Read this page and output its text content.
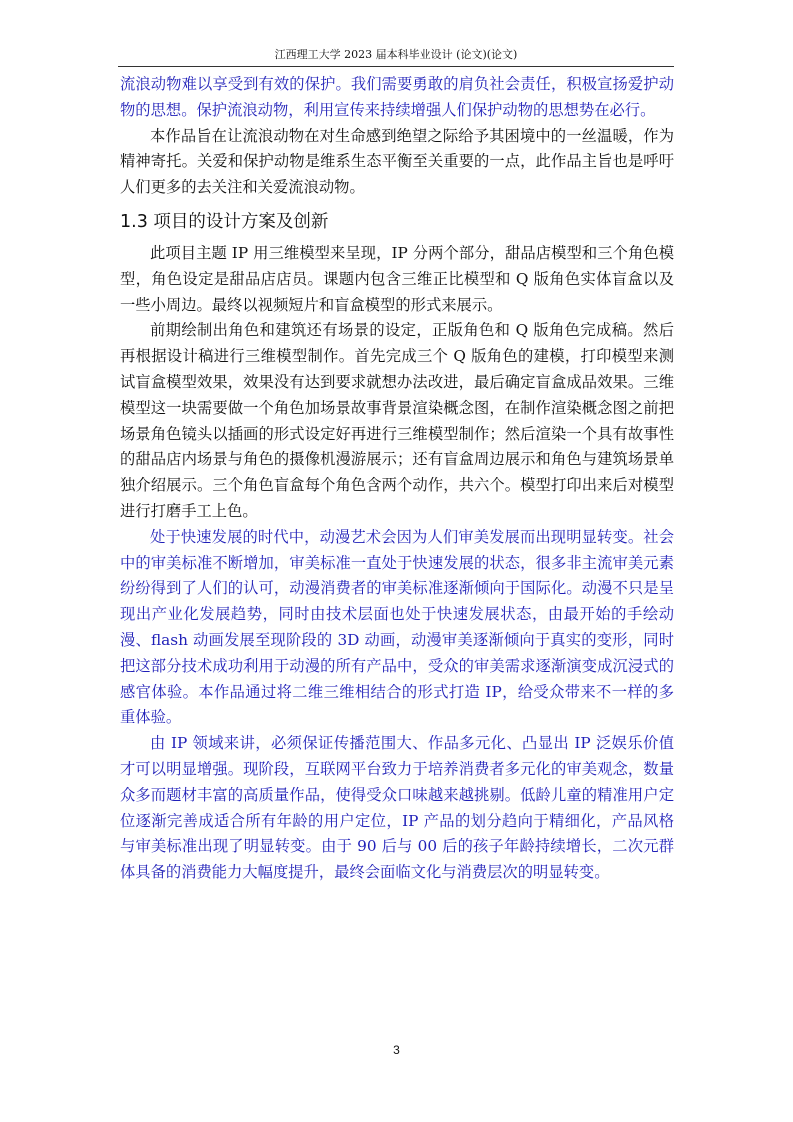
江西理工大学 2023 届本科毕业设计 (论文)(论文)

流浪动物难以享受到有效的保护。我们需要勇敢的肩负社会责任，积极宣扬爱护动物的思想。保护流浪动物，利用宣传来持续增强人们保护动物的思想势在必行。

本作品旨在让流浪动物在对生命感到绝望之际给予其困境中的一丝温暖，作为精神寄托。关爱和保护动物是维系生态平衡至关重要的一点，此作品主旨也是呼吁人们更多的去关注和关爱流浪动物。

1.3 项目的设计方案及创新

此项目主题 IP 用三维模型来呈现，IP 分两个部分，甜品店模型和三个角色模型，角色设定是甜品店店员。课题内包含三维正比模型和 Q 版角色实体盲盒以及一些小周边。最终以视频短片和盲盒模型的形式来展示。

前期绘制出角色和建筑还有场景的设定，正版角色和 Q 版角色完成稿。然后再根据设计稿进行三维模型制作。首先完成三个 Q 版角色的建模，打印模型来测试盲盒模型效果，效果没有达到要求就想办法改进，最后确定盲盒成品效果。三维模型这一块需要做一个角色加场景故事背景渲染概念图，在制作渲染概念图之前把场景角色镜头以插画的形式设定好再进行三维模型制作；然后渲染一个具有故事性的甜品店内场景与角色的摄像机漫游展示；还有盲盒周边展示和角色与建筑场景单独介绍展示。三个角色盲盒每个角色含两个动作，共六个。模型打印出来后对模型进行打磨手工上色。

处于快速发展的时代中，动漫艺术会因为人们审美发展而出现明显转变。社会中的审美标准不断增加，审美标准一直处于快速发展的状态，很多非主流审美元素纷纷得到了人们的认可，动漫消费者的审美标准逐渐倾向于国际化。动漫不只是呈现出产业化发展趋势，同时由技术层面也处于快速发展状态，由最开始的手绘动漫、flash 动画发展至现阶段的 3D 动画，动漫审美逐渐倾向于真实的变形，同时把这部分技术成功利用于动漫的所有产品中，受众的审美需求逐渐演变成沉浸式的感官体验。本作品通过将二维三维相结合的形式打造 IP，给受众带来不一样的多重体验。

由 IP 领域来讲，必须保证传播范围大、作品多元化、凸显出 IP 泛娱乐价值才可以明显增强。现阶段，互联网平台致力于培养消费者多元化的审美观念，数量众多而题材丰富的高质量作品，使得受众口味越来越挑剔。低龄儿童的精准用户定位逐渐完善成适合所有年龄的用户定位，IP 产品的划分趋向于精细化，产品风格与审美标准出现了明显转变。由于 90 后与 00 后的孩子年龄持续增长，二次元群体具备的消费能力大幅度提升，最终会面临文化与消费层次的明显转变。

3
